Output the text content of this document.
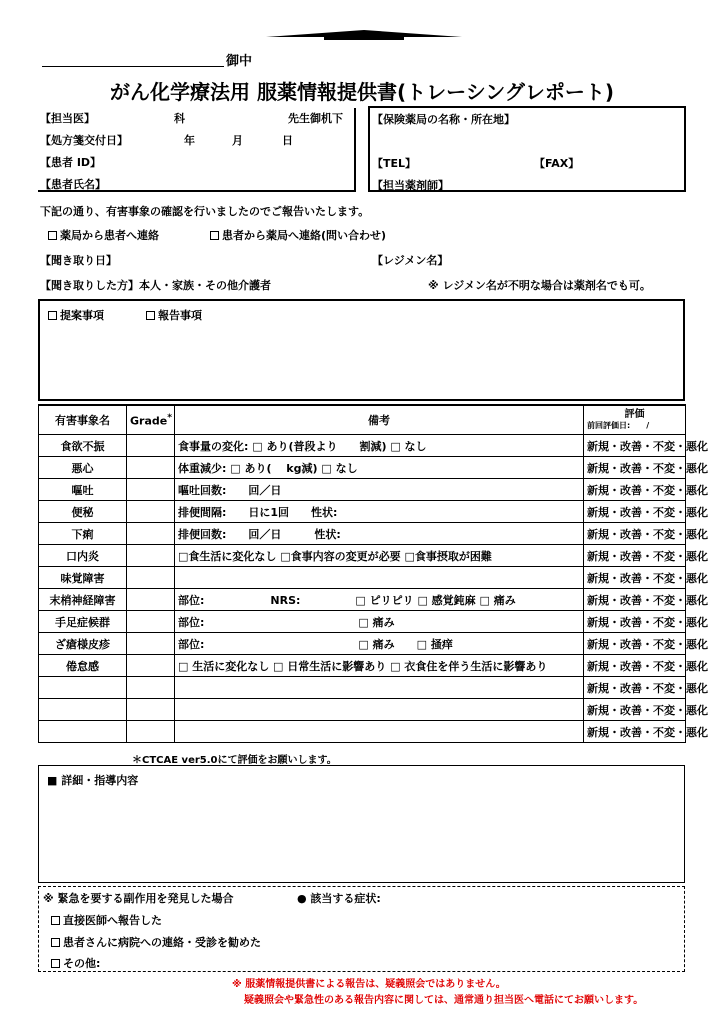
御中
がん化学療法用 服薬情報提供書(トレーシングレポート)
【担当医】	科	先生御机下
【処方箋交付日】	年	月	日
【患者 ID】
【患者氏名】
【保険薬局の名称・所在地】
【TEL】	【FAX】
【担当薬剤師】
下記の通り、有害事象の確認を行いましたのでご報告いたします。
薬局から患者へ連絡	患者から薬局へ連絡(問い合わせ)
【聞き取り日】	【レジメン名】
【聞き取りした方】本人・家族・その他介護者	※ レジメン名が不明な場合は薬剤名でも可。
提案事項	報告事項
有害事象名	Grade*	備考	評価
前回評価日:　　/

食欲不振		食事量の変化: □ あり(普段より　　割減) □ なし	新規・改善・不変・悪化
悪心		体重減少: □ あり(　 kg減) □ なし	新規・改善・不変・悪化
嘔吐		嘔吐回数:　　回／日	新規・改善・不変・悪化
便秘		排便間隔:　　日に1回　　性状:	新規・改善・不変・悪化
下痢		排便回数:　　回／日　　　性状:	新規・改善・不変・悪化
口内炎		□食生活に変化なし □食事内容の変更が必要 □食事摂取が困難	新規・改善・不変・悪化
味覚障害			新規・改善・不変・悪化
末梢神経障害		部位:　　　　　　NRS:　　　　　□ ピリピリ □ 感覚鈍麻 □ 痛み	新規・改善・不変・悪化
手足症候群		部位:　　　　　　　　　　　　　　□ 痛み	新規・改善・不変・悪化
ざ瘡様皮疹		部位:　　　　　　　　　　　　　　□ 痛み　　□ 掻痒	新規・改善・不変・悪化
倦怠感		□ 生活に変化なし □ 日常生活に影響あり □ 衣食住を伴う生活に影響あり	新規・改善・不変・悪化
			新規・改善・不変・悪化
			新規・改善・不変・悪化
			新規・改善・不変・悪化
＊CTCAE ver5.0にて評価をお願いします。
■ 詳細・指導内容
※ 緊急を要する副作用を発見した場合	● 該当する症状:
直接医師へ報告した
患者さんに病院への連絡・受診を勧めた
その他:
※ 服薬情報提供書による報告は、疑義照会ではありません。
疑義照会や緊急性のある報告内容に関しては、通常通り担当医へ電話にてお願いします。
